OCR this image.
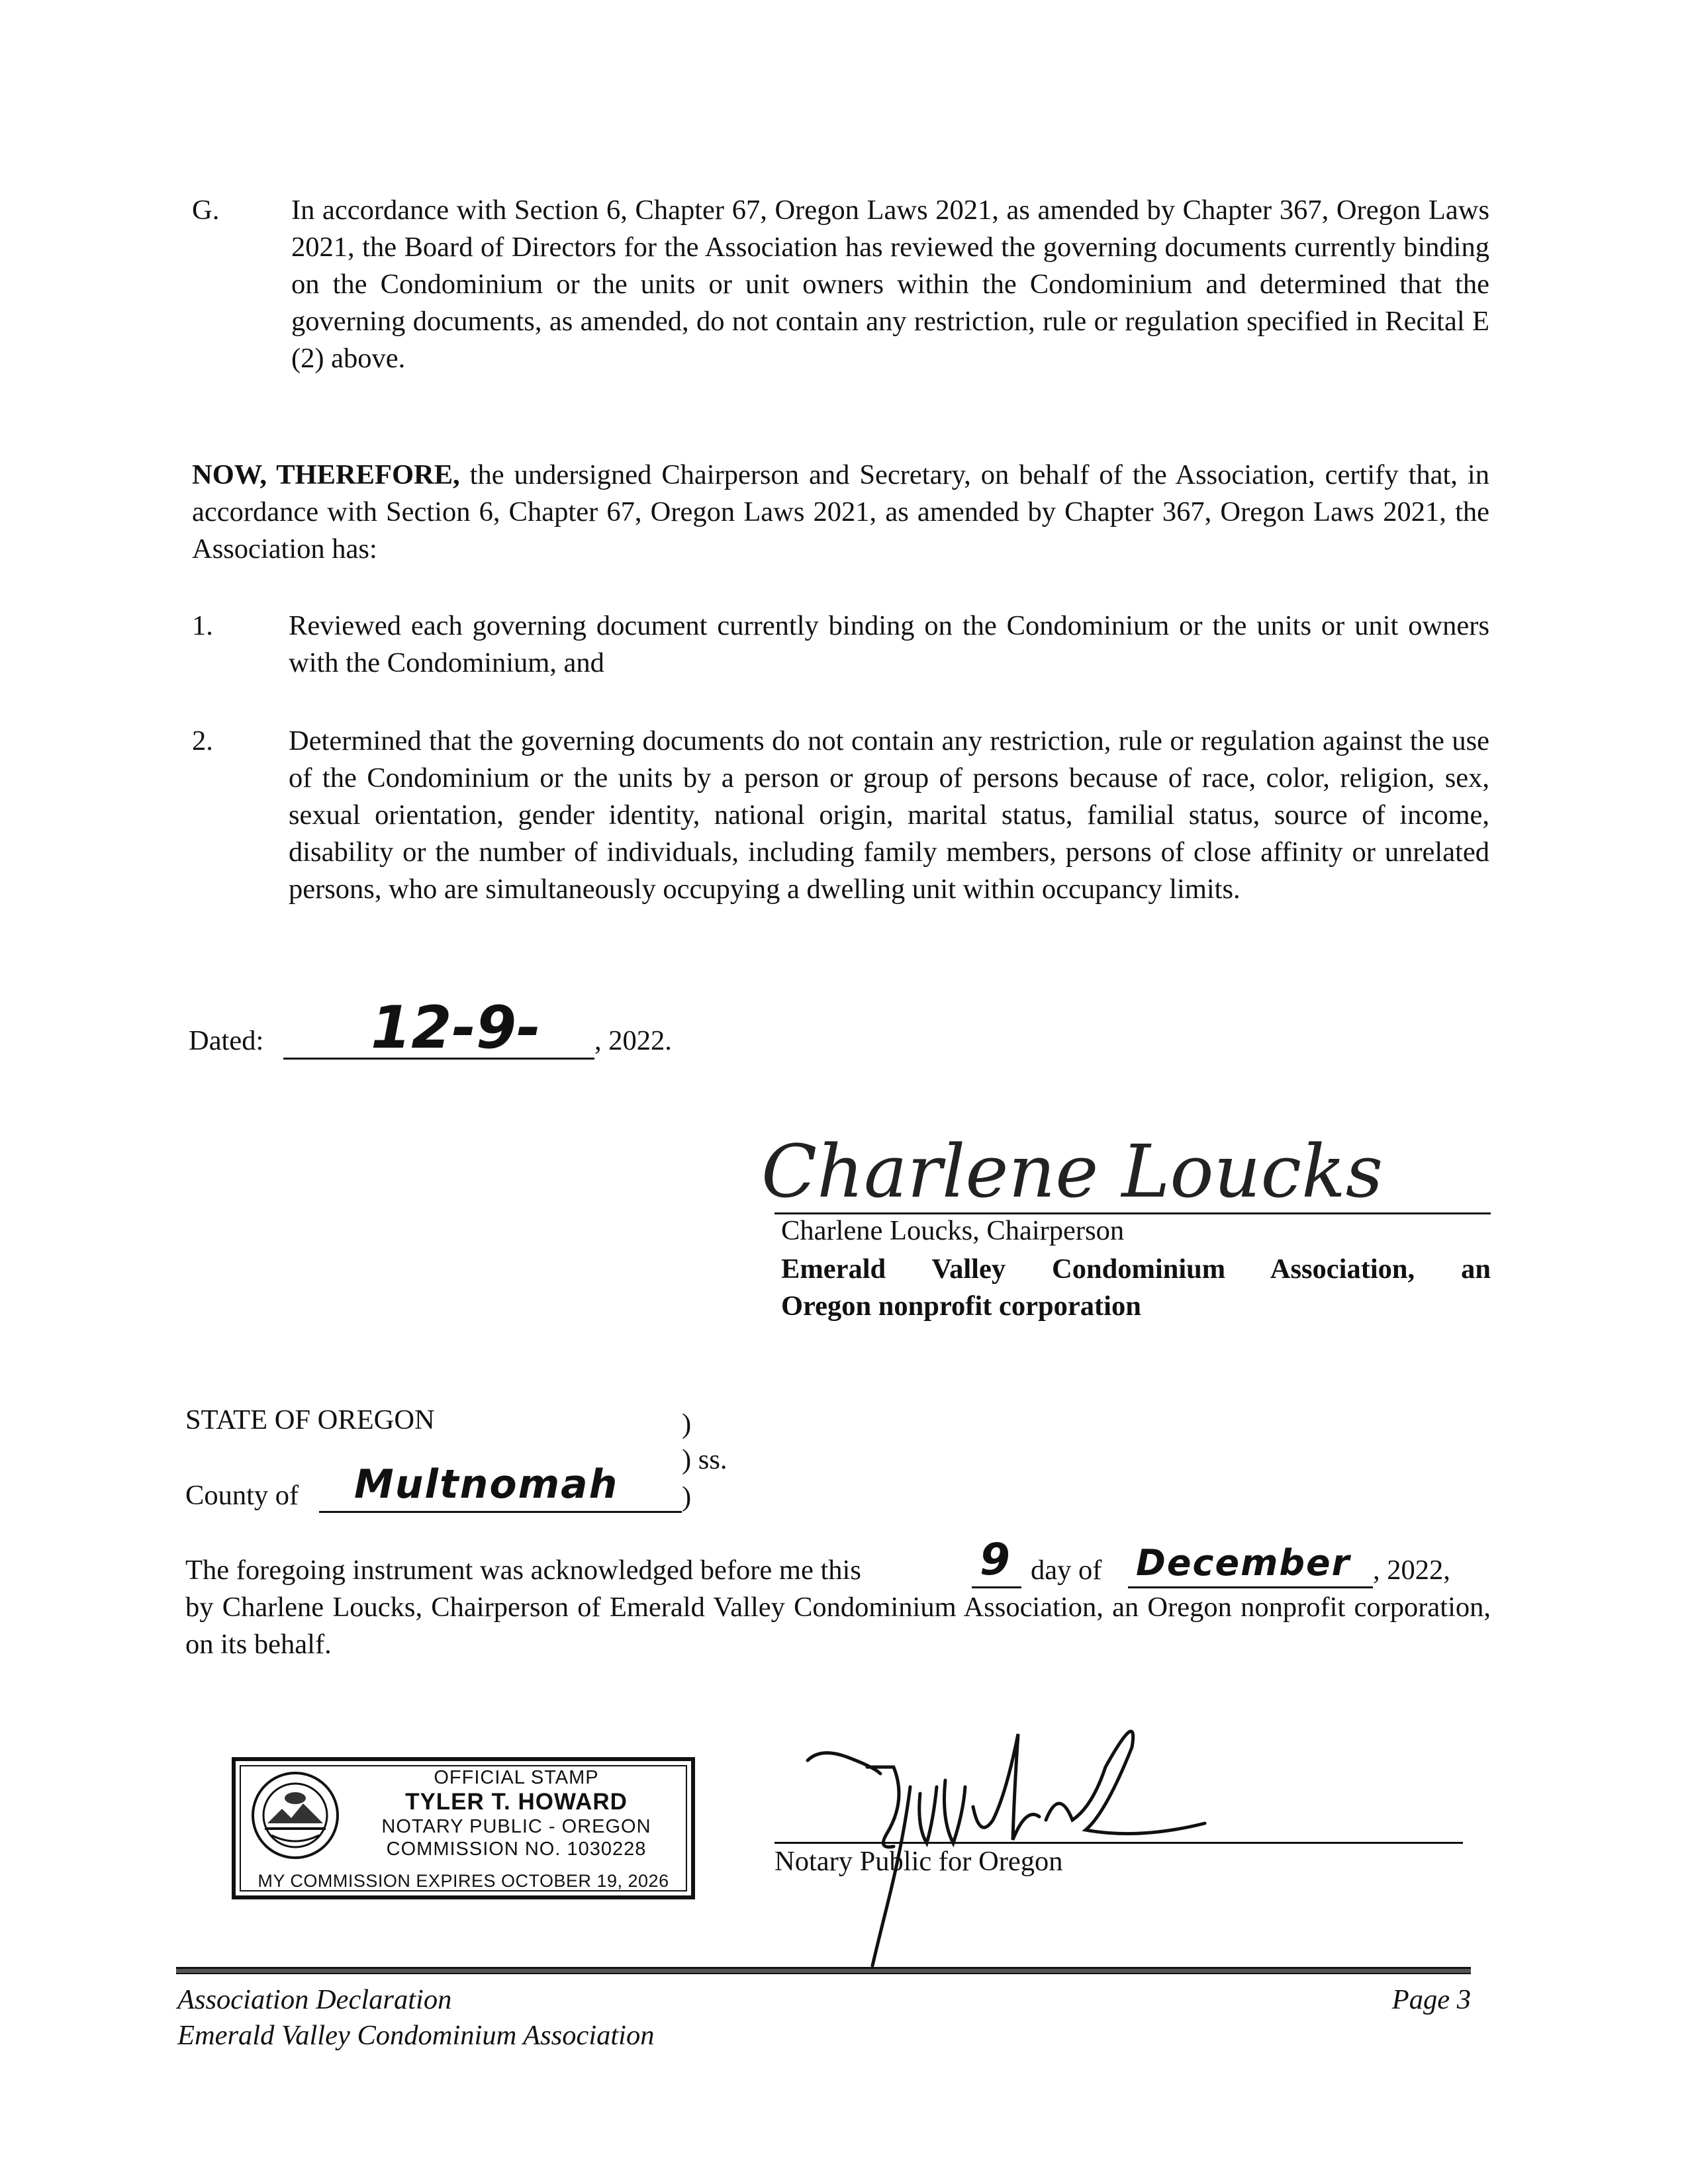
G.	In accordance with Section 6, Chapter 67, Oregon Laws 2021, as amended by Chapter 367, Oregon Laws 2021, the Board of Directors for the Association has reviewed the governing documents currently binding on the Condominium or the units or unit owners within the Condominium and determined that the governing documents, as amended, do not contain any restriction, rule or regulation specified in Recital E (2) above.
NOW, THEREFORE, the undersigned Chairperson and Secretary, on behalf of the Association, certify that, in accordance with Section 6, Chapter 67, Oregon Laws 2021, as amended by Chapter 367, Oregon Laws 2021, the Association has:
1.	Reviewed each governing document currently binding on the Condominium or the units or unit owners with the Condominium, and
2.	Determined that the governing documents do not contain any restriction, rule or regulation against the use of the Condominium or the units by a person or group of persons because of race, color, religion, sex, sexual orientation, gender identity, national origin, marital status, familial status, source of income, disability or the number of individuals, including family members, persons of close affinity or unrelated persons, who are simultaneously occupying a dwelling unit within occupancy limits.
Dated: 12-9- , 2022.
Charlene Loucks
Charlene Loucks, Chairperson
Emerald Valley Condominium Association, an
Oregon nonprofit corporation
STATE OF OREGON	)
) ss.
County of Multnomah )
The foregoing instrument was acknowledged before me this	9 day of December , 2022,
by Charlene Loucks, Chairperson of Emerald Valley Condominium Association, an Oregon nonprofit corporation, on its behalf.
OFFICIAL STAMP
TYLER T. HOWARD
NOTARY PUBLIC - OREGON
COMMISSION NO. 1030228
MY COMMISSION EXPIRES OCTOBER 19, 2026
Notary Public for Oregon
Association Declaration
Emerald Valley Condominium Association
Page 3
